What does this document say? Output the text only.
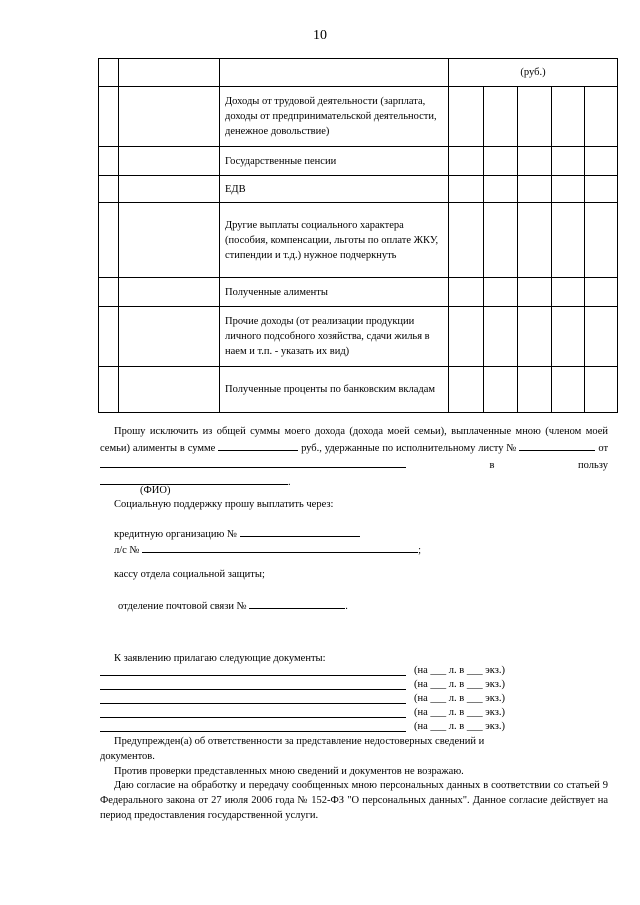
10
			(руб.)				
		Доходы от трудовой деятельности (зарплата, доходы от предпринимательской деятельности, денежное довольствие)					
		Государственные пенсии					
		ЕДВ					
		Другие выплаты социального характера (пособия, компенсации, льготы по оплате ЖКУ, стипендии и т.д.) нужное подчеркнуть					
		Полученные алименты					
		Прочие доходы (от реализации продукции личного подсобного хозяйства, сдачи жилья в наем и т.п. - указать их вид)					
		Полученные проценты по банковским вкладам					
Прошу исключить из общей суммы моего дохода (дохода моей семьи), выплаченные мною (членом моей семьи) алименты в сумме	руб., удержанные по исполнительному листу №	от  в пользу .
(ФИО)
Социальную поддержку прошу выплатить через:
кредитную организацию №
л/с №	;
кассу отдела социальной защиты;
отделение почтовой связи №	.
К заявлению прилагаю следующие документы:
(на ___ л. в ___ экз.)
(на ___ л. в ___ экз.)
(на ___ л. в ___ экз.)
(на ___ л. в ___ экз.)
(на ___ л. в ___ экз.)
Предупрежден(а) об ответственности за представление недостоверных сведений и документов.
Против проверки представленных мною сведений и документов не возражаю.
Даю согласие на обработку и передачу сообщенных мною персональных данных в соответствии со статьей 9 Федерального закона от 27 июля 2006 года № 152-ФЗ "О персональных данных". Данное согласие действует на период предоставления государственной услуги.
